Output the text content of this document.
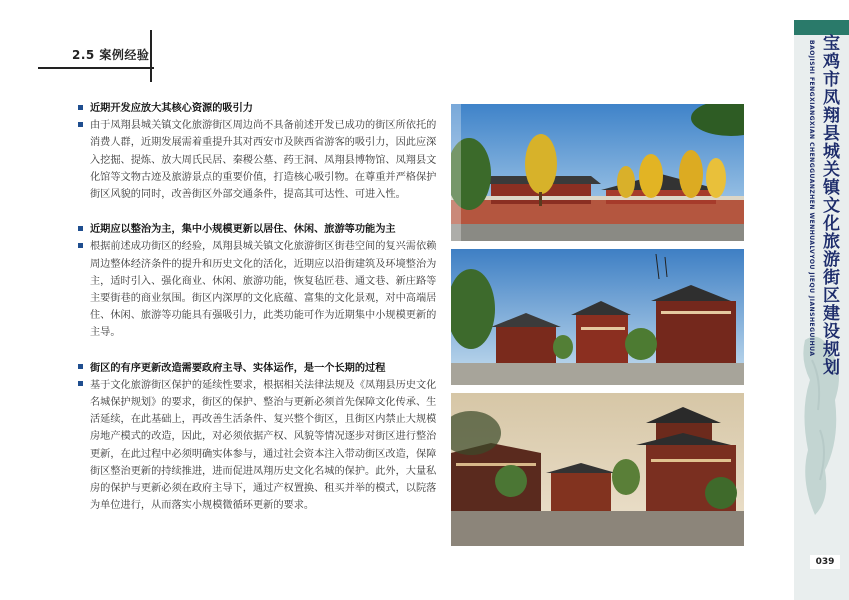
2.5 案例经验
近期开发应放大其核心资源的吸引力
由于凤翔县城关镇文化旅游街区周边尚不具备前述开发已成功的街区所依托的消费人群，近期发展需着重提升其对西安市及陕西省游客的吸引力，因此应深入挖掘、提炼、放大周氏民居、秦稷公墓、药王洞、凤翔县博物馆、凤翔县文化馆等文物古迹及旅游景点的重要价值，打造核心吸引物。在尊重并严格保护街区风貌的同时，改善街区外部交通条件，提高其可达性、可进入性。
近期应以整治为主，集中小规模更新以居住、休闲、旅游等功能为主
根据前述成功街区的经验，凤翔县城关镇文化旅游街区街巷空间的复兴需依赖周边整体经济条件的提升和历史文化的活化，近期应以沿街建筑及环境整治为主，适时引入、强化商业、休闲、旅游功能，恢复毡匠巷、通文巷、新庄路等主要街巷的商业氛围。街区内深厚的文化底蕴、富集的文化景观，对中高端居住、休闲、旅游等功能具有强吸引力，此类功能可作为近期集中小规模更新的主导。
街区的有序更新改造需要政府主导、实体运作，是一个长期的过程
基于文化旅游街区保护的延续性要求，根据相关法律法规及《凤翔县历史文化名城保护规划》的要求，街区的保护、整治与更新必须首先保障文化传承、生活延续，在此基础上，再改善生活条件、复兴整个街区，且街区内禁止大规模房地产模式的改造，因此，对必须依据产权、风貌等情况逐步对街区进行整治更新，在此过程中必须明确实体参与，通过社会资本注入带动街区改造，保障街区整治更新的持续推进，进而促进凤翔历史文化名城的保护。此外，大量私房的保护与更新必须在政府主导下，通过产权置换、租买并举的模式，以院落为单位进行，从而落实小规模微循环更新的要求。
BAOJISHI FENGXIANGXIAN CHENGGUANZHEN WENHUALVYOU JIEQU JIANSHEGUIHUA 宝鸡市凤翔县城关镇文化旅游街区建设规划
039
